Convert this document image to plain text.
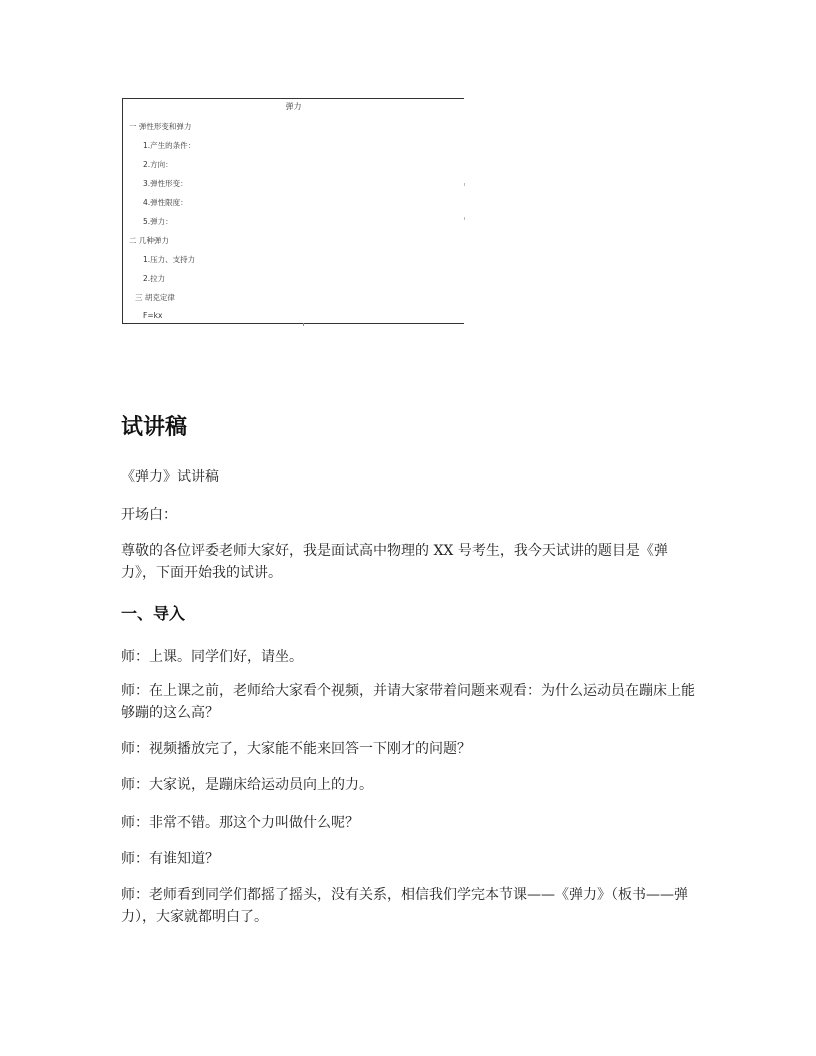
弹力
一 弹性形变和弹力
1.产生的条件：
2.方向：
3.弹性形变：
4.弹性限度：
5.弹力：
二 几种弹力
1.压力、支持力
2.拉力
三 胡克定律
F=kx
试讲稿

《弹力》试讲稿

开场白：

尊敬的各位评委老师大家好，我是面试高中物理的 XX 号考生，我今天试讲的题目是《弹力》，下面开始我的试讲。

一、导入

师：上课。同学们好，请坐。

师：在上课之前，老师给大家看个视频，并请大家带着问题来观看：为什么运动员在蹦床上能够蹦的这么高？

师：视频播放完了，大家能不能来回答一下刚才的问题？

师：大家说，是蹦床给运动员向上的力。

师：非常不错。那这个力叫做什么呢？

师：有谁知道？

师：老师看到同学们都摇了摇头，没有关系，相信我们学完本节课——《弹力》（板书——弹力），大家就都明白了。
